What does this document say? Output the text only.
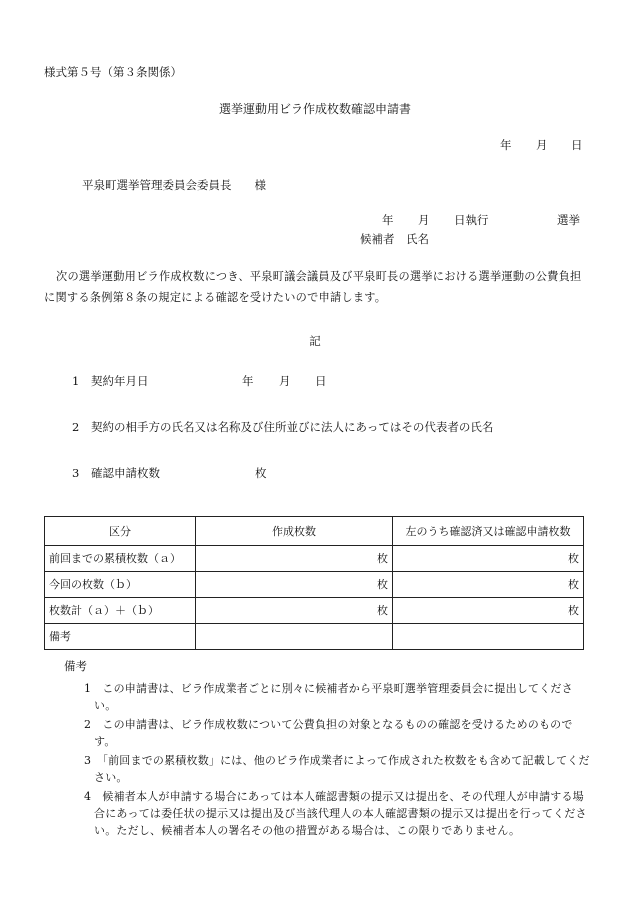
様式第５号（第３条関係）
選挙運動用ビラ作成枚数確認申請書
年 月 日
平泉町選挙管理委員会委員長　　様
年 月 日執行	選挙
候補者　氏名
次の選挙運動用ビラ作成枚数につき、平泉町議会議員及び平泉町長の選挙における選挙運動の公費負担に関する条例第８条の規定による確認を受けたいので申請します。
記
1 契約年月日	年 月 日
2 契約の相手方の氏名又は名称及び住所並びに法人にあってはその代表者の氏名
3 確認申請枚数	枚
区分	作成枚数	左のうち確認済又は確認申請枚数
前回までの累積枚数（ａ）	枚	枚
今回の枚数（ｂ）	枚	枚
枚数計（ａ）＋（ｂ）	枚	枚
備考		
備考
1　この申請書は、ビラ作成業者ごとに別々に候補者から平泉町選挙管理委員会に提出してください。
2　この申請書は、ビラ作成枚数について公費負担の対象となるものの確認を受けるためのものです。
3　「前回までの累積枚数」には、他のビラ作成業者によって作成された枚数をも含めて記載してください。
4　候補者本人が申請する場合にあっては本人確認書類の提示又は提出を、その代理人が申請する場合にあっては委任状の提示又は提出及び当該代理人の本人確認書類の提示又は提出を行ってください。ただし、候補者本人の署名その他の措置がある場合は、この限りでありません。
